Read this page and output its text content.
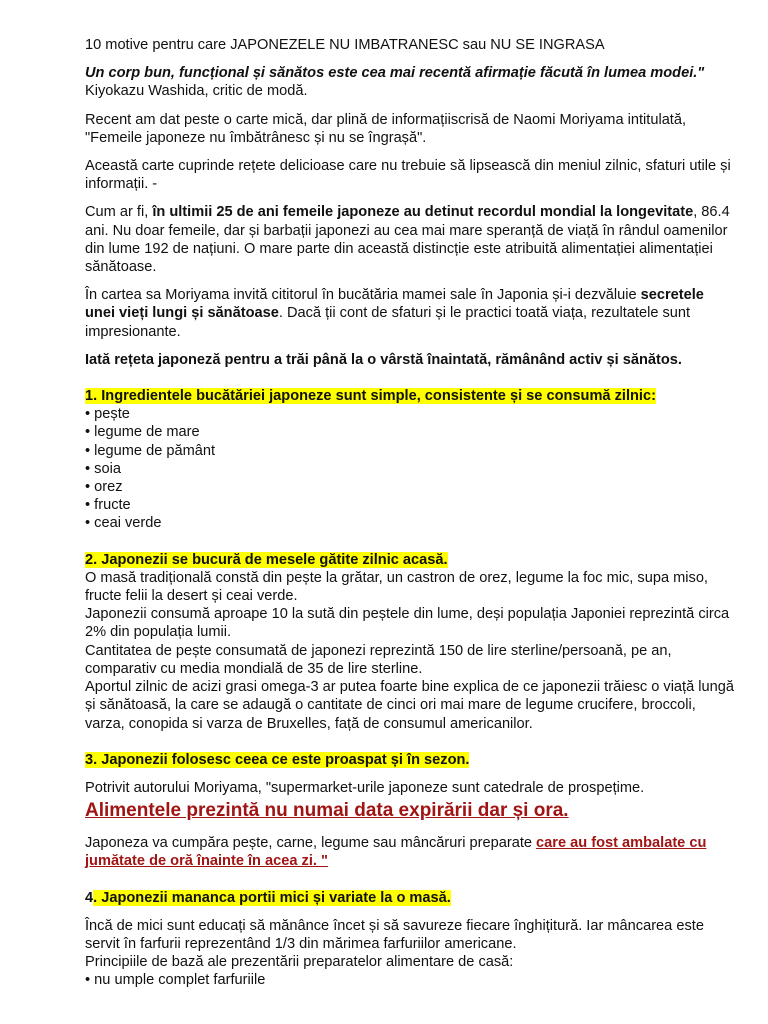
10 motive pentru care JAPONEZELE NU IMBATRANESC sau NU SE INGRASA

Un corp bun, funcțional și sănătos este cea mai recentă afirmație făcută în lumea modei." Kiyokazu Washida, critic de modă.

Recent am dat peste o carte mică, dar plină de informațiiscrisă de Naomi Moriyama intitulată, "Femeile japoneze nu îmbătrânesc și nu se îngrașă".

Această carte cuprinde rețete delicioase care nu trebuie să lipsească din meniul zilnic, sfaturi utile și informații. -

Cum ar fi, în ultimii 25 de ani femeile japoneze au detinut recordul mondial la longevitate, 86.4 ani. Nu doar femeile, dar și barbații japonezi au cea mai mare speranță de viață în rândul oamenilor din lume 192 de națiuni. O mare parte din această distincție este atribuită alimentației alimentației sănătoase.

În cartea sa Moriyama invită cititorul în bucătăria mamei sale în Japonia și-i dezvăluie secretele unei vieți lungi și sănătoase. Dacă ții cont de sfaturi și le practici toată viața, rezultatele sunt impresionante.

Iată rețeta japoneză pentru a trăi până la o vârstă înaintată, rămânând activ și sănătos.

1. Ingredientele bucătăriei japoneze sunt simple, consistente și se consumă zilnic:

• pește
• legume de mare
• legume de pământ
• soia
• orez
• fructe
• ceai verde

2. Japonezii se bucură de mesele gătite zilnic acasă.

O masă tradițională constă din pește la grătar, un castron de orez, legume la foc mic, supa miso, fructe felii la desert și ceai verde.

Japonezii consumă aproape 10 la sută din peștele din lume, deși populația Japoniei reprezintă circa 2% din populația lumii.

Cantitatea de pește consumată de japonezi reprezintă 150 de lire sterline/persoană, pe an, comparativ cu media mondială de 35 de lire sterline.

Aportul zilnic de acizi grasi omega-3 ar putea foarte bine explica de ce japonezii trăiesc o viață lungă și sănătoasă, la care se adaugă o cantitate de cinci ori mai mare de legume crucifere, broccoli, varza, conopida si varza de Bruxelles, față de consumul americanilor.

3. Japonezii folosesc ceea ce este proaspat și în sezon.

Potrivit autorului Moriyama, "supermarket-urile japoneze sunt catedrale de prospețime.

Alimentele prezintă nu numai data expirării dar și ora.

Japoneza va cumpăra pește, carne, legume sau mâncăruri preparate care au fost ambalate cu jumătate de oră înainte în acea zi. "

4. Japonezii mananca portii mici și variate la o masă.

Încă de mici sunt educați să mănânce încet și să savureze fiecare înghițitură. Iar mâncarea este servit în farfurii reprezentând 1/3 din mărimea farfuriilor americane.

Principiile de bază ale prezentării preparatelor alimentare de casă:

• nu umple complet farfuriile
